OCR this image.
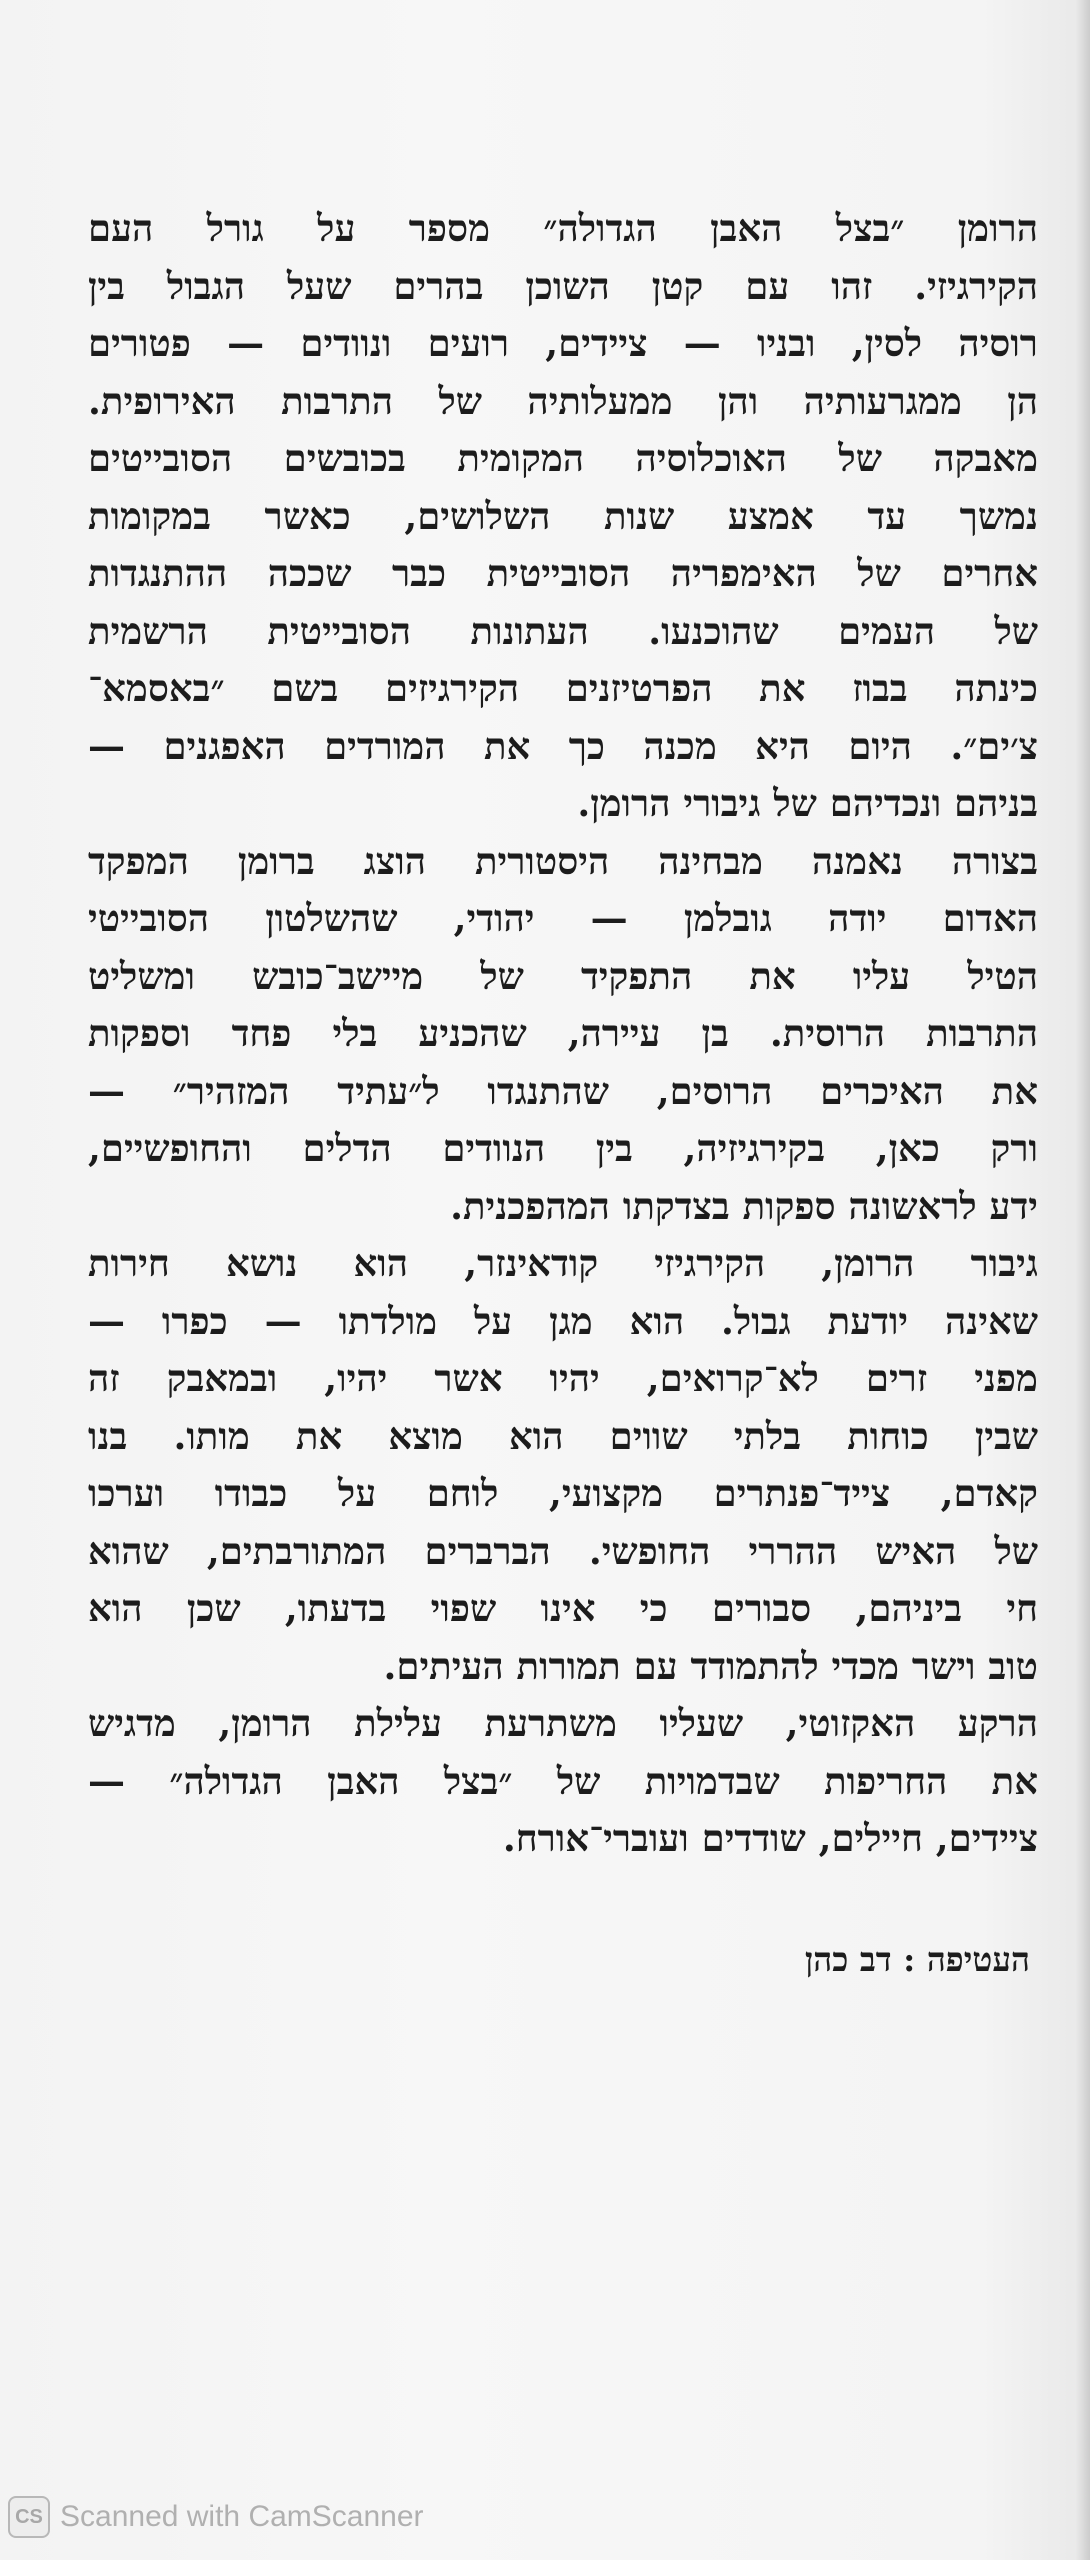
הרומן ״בצל האבן הגדולה״ מספר על גורל העם
הקירגיזי. זהו עם קטן השוכן בהרים שעל הגבול בין
רוסיה לסין, ובניו — ציידים, רועים ונוודים — פטורים
הן ממגרעותיה והן ממעלותיה של התרבות האירופית.
מאבקה של האוכלוסיה המקומית בכובשים הסובייטים
נמשך עד אמצע שנות השלושים, כאשר במקומות
אחרים של האימפריה הסובייטית כבר שככה ההתנגדות
של העמים שהוכנעו. העתונות הסובייטית הרשמית
כינתה בבוז את הפרטיזנים הקירגיזים בשם ״באסמא־
צ׳ים״. היום היא מכנה כך את המורדים האפגנים —
בניהם ונכדיהם של גיבורי הרומן.
בצורה נאמנה מבחינה היסטורית הוצג ברומן המפקד
האדום יודה גובלמן — יהודי, שהשלטון הסובייטי
הטיל עליו את התפקיד של מיישב־כובש ומשליט
התרבות הרוסית. בן עיירה, שהכניע בלי פחד וספקות
את האיכרים הרוסים, שהתנגדו ל״עתיד המזהיר״ —
ורק כאן, בקירגיזיה, בין הנוודים הדלים והחופשיים,
ידע לראשונה ספקות בצדקתו המהפכנית.
גיבור הרומן, הקירגיזי קודאינזר, הוא נושא חירות
שאינה יודעת גבול. הוא מגן על מולדתו — כפרו —
מפני זרים לא־קרואים, יהיו אשר יהיו, ובמאבק זה
שבין כוחות בלתי שווים הוא מוצא את מותו. בנו
קאדם, צייד־פנתרים מקצועי, לוחם על כבודו וערכו
של האיש ההררי החופשי. הברברים המתורבתים, שהוא
חי ביניהם, סבורים כי אינו שפוי בדעתו, שכן הוא
טוב וישר מכדי להתמודד עם תמורות העיתים.
הרקע האקזוטי, שעליו משתרעת עלילת הרומן, מדגיש
את החריפות שבדמויות של ״בצל האבן הגדולה״ —
ציידים, חיילים, שודדים ועוברי־אורח.
העטיפה : דב כהן
CS Scanned with CamScanner
